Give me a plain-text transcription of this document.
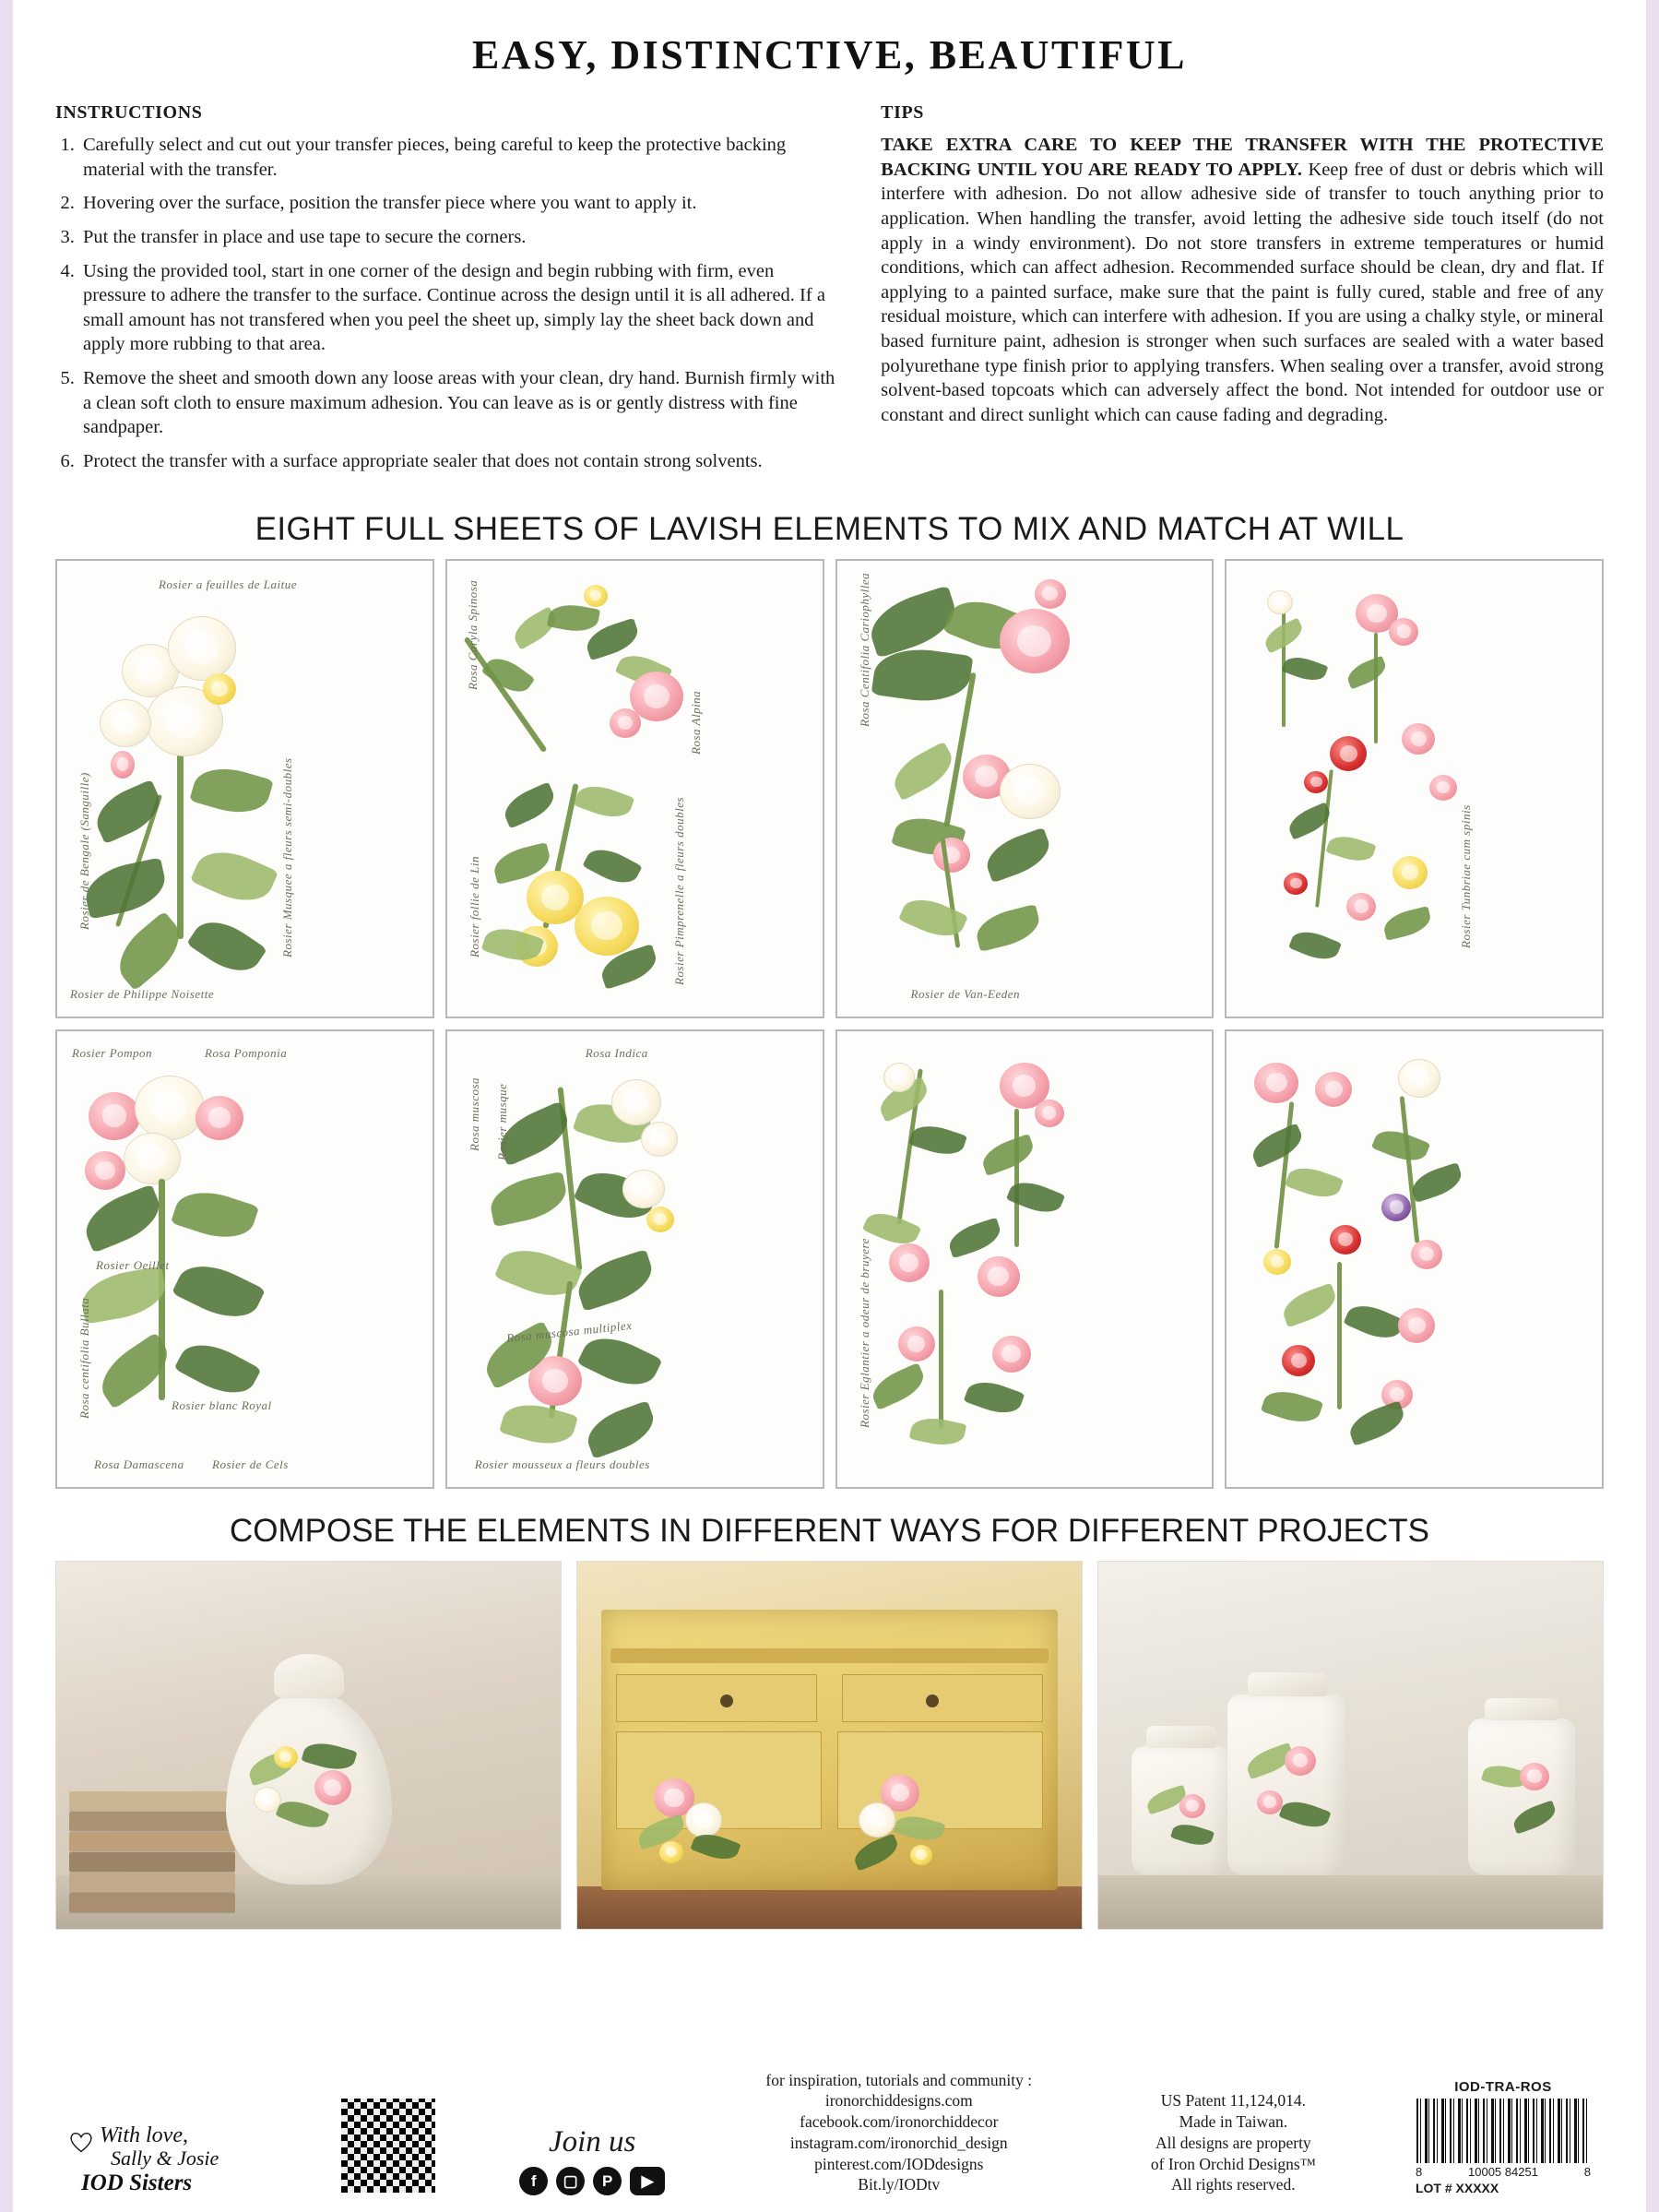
EASY, DISTINCTIVE, BEAUTIFUL
INSTRUCTIONS
1. Carefully select and cut out your transfer pieces, being careful to keep the protective backing material with the transfer.
2. Hovering over the surface, position the transfer piece where you want to apply it.
3. Put the transfer in place and use tape to secure the corners.
4. Using the provided tool, start in one corner of the design and begin rubbing with firm, even pressure to adhere the transfer to the surface. Continue across the design until it is all adhered. If a small amount has not transfered when you peel the sheet up, simply lay the sheet back down and apply more rubbing to that area.
5. Remove the sheet and smooth down any loose areas with your clean, dry hand. Burnish firmly with a clean soft cloth to ensure maximum adhesion. You can leave as is or gently distress with fine sandpaper.
6. Protect the transfer with a surface appropriate sealer that does not contain strong solvents.
TIPS
TAKE EXTRA CARE TO KEEP THE TRANSFER WITH THE PROTECTIVE BACKING UNTIL YOU ARE READY TO APPLY. Keep free of dust or debris which will interfere with adhesion. Do not allow adhesive side of transfer to touch anything prior to application. When handling the transfer, avoid letting the adhesive side touch itself (do not apply in a windy environment). Do not store transfers in extreme temperatures or humid conditions, which can affect adhesion. Recommended surface should be clean, dry and flat. If applying to a painted surface, make sure that the paint is fully cured, stable and free of any residual moisture, which can interfere with adhesion. If you are using a chalky style, or mineral based furniture paint, adhesion is stronger when such surfaces are sealed with a water based polyurethane type finish prior to applying transfers. When sealing over a transfer, avoid strong solvent-based topcoats which can adversely affect the bond. Not intended for outdoor use or constant and direct sunlight which can cause fading and degrading.
EIGHT FULL SHEETS OF LAVISH ELEMENTS TO MIX AND MATCH AT WILL
Rosier a feuilles de Laitue
Rosier de Bengale (Sanguille)	Rosier Musquee a fleurs semi-doubles
Rosier de Philippe Noisette
Rosa Caryla Spinosa
Rosier follie de Lin	Rosier Pimprenelle a fleurs doubles
Rosa Alpina	Rosa Centifolia Cariophyllea
Rosier de Van-Eeden
Rosier Tunbriae cum spinis
Rosier Pompon	Rosa Pomponia
Rosier Oeillet
Rosier blanc Royal
Rosa centifolia Bullata
Rosa Damascena Rosier de Cels
Rosa Indica
Rosa muscosa Rosier musque
Rosa muscosa multiplex
Rosier mousseux a fleurs doubles
Rosier Eglantier a odeur de bruyere
COMPOSE THE ELEMENTS IN DIFFERENT WAYS FOR DIFFERENT PROJECTS
With love,
Sally & Josie
IOD Sisters
Join us
f	▢	P	▶
for inspiration, tutorials and community :
ironorchiddesigns.com
facebook.com/ironorchiddecor
instagram.com/ironorchid_design
pinterest.com/IODdesigns
Bit.ly/IODtv
US Patent 11,124,014.
Made in Taiwan.
All designs are property
of Iron Orchid Designs™
All rights reserved.
IOD-TRA-ROS
8	10005 84251	8
LOT # XXXXX
